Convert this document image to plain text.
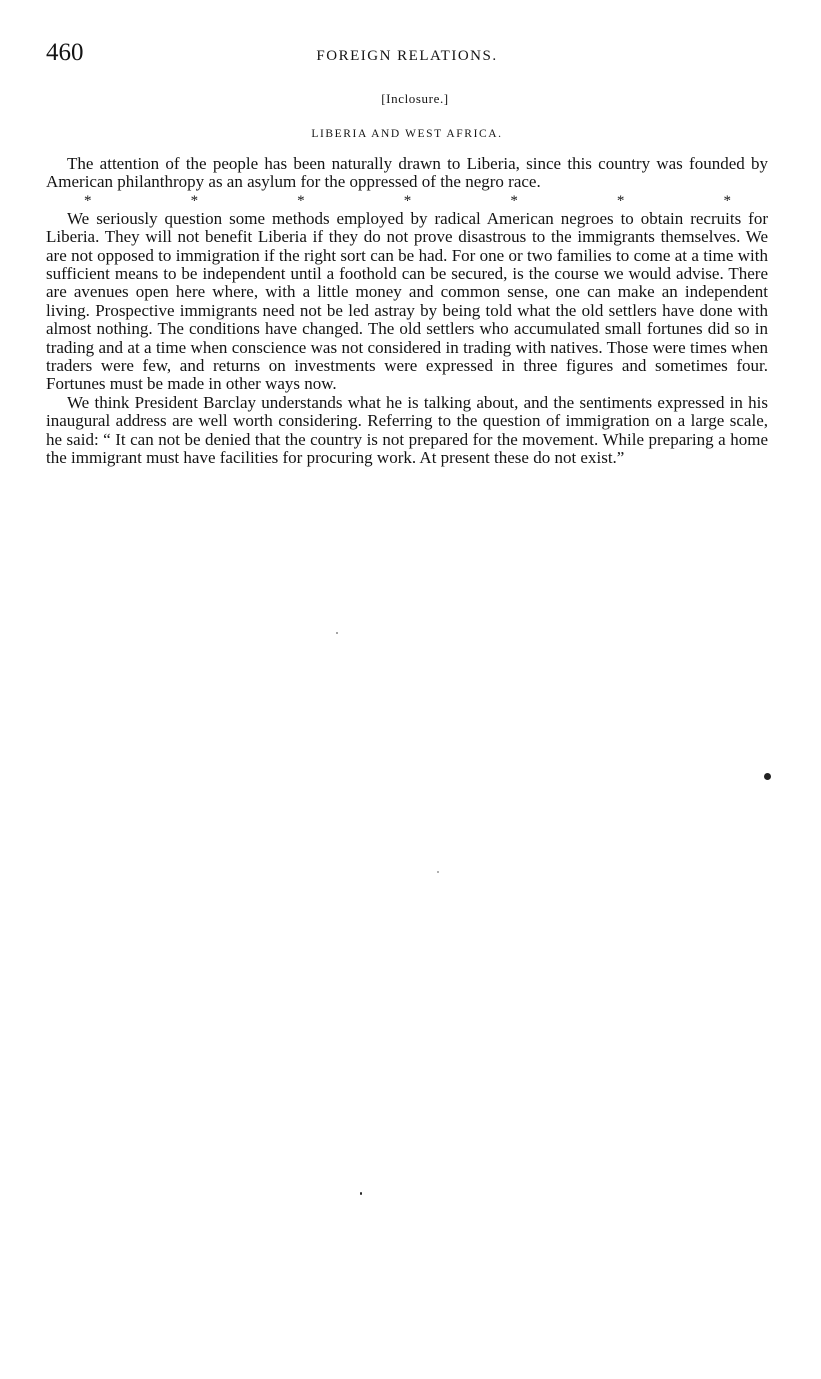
460	FOREIGN RELATIONS.
[Inclosure.]
LIBERIA AND WEST AFRICA.

The attention of the people has been naturally drawn to Liberia, since this country was founded by American philanthropy as an asylum for the oppressed of the negro race.

*	*	*	*	*	*	*

We seriously question some methods employed by radical American negroes to obtain recruits for Liberia. They will not benefit Liberia if they do not prove disastrous to the immigrants themselves. We are not opposed to immigration if the right sort can be had. For one or two families to come at a time with sufficient means to be independent until a foothold can be secured, is the course we would advise. There are avenues open here where, with a little money and common sense, one can make an independent living. Prospective immigrants need not be led astray by being told what the old settlers have done with almost nothing. The conditions have changed. The old settlers who accumulated small fortunes did so in trading and at a time when conscience was not considered in trading with natives. Those were times when traders were few, and returns on investments were expressed in three figures and sometimes four. Fortunes must be made in other ways now.

We think President Barclay understands what he is talking about, and the sentiments expressed in his inaugural address are well worth considering. Referring to the question of immigration on a large scale, he said: “ It can not be denied that the country is not prepared for the movement. While preparing a home the immigrant must have facilities for procuring work. At present these do not exist.”
